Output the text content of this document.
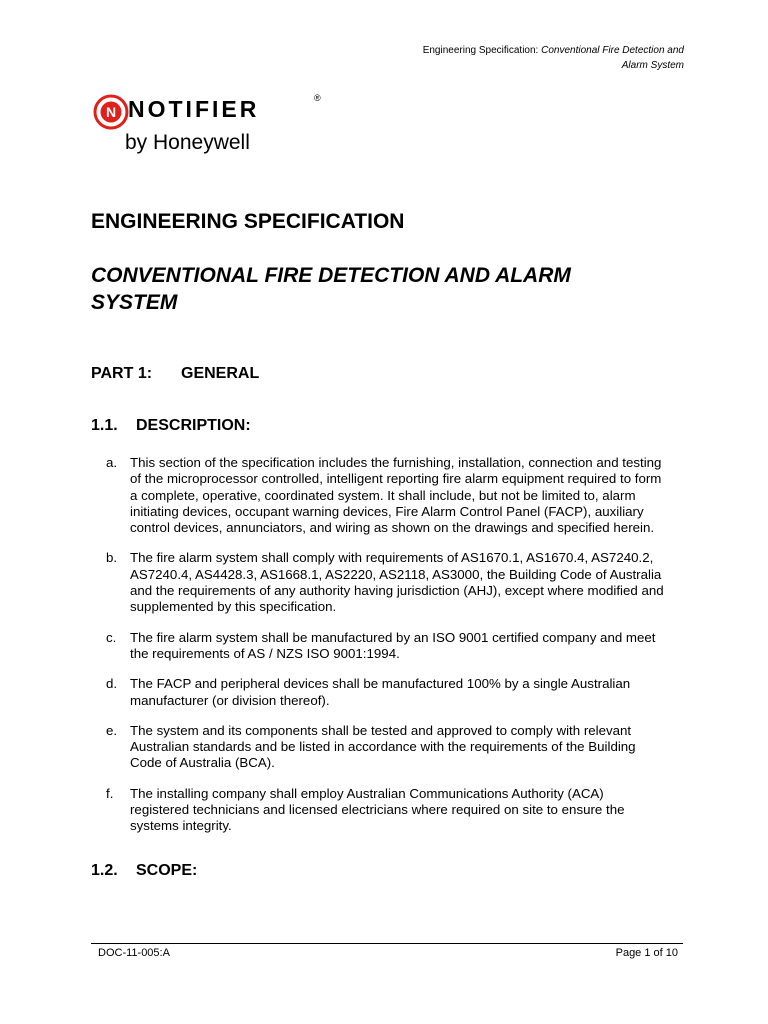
Engineering Specification: Conventional Fire Detection and
Alarm System
N NOTIFIER	®
by Honeywell
ENGINEERING SPECIFICATION
CONVENTIONAL FIRE DETECTION AND ALARM SYSTEM
PART 1: GENERAL
1.1. DESCRIPTION:
a. This section of the specification includes the furnishing, installation, connection and testing of the microprocessor controlled, intelligent reporting fire alarm equipment required to form a complete, operative, coordinated system. It shall include, but not be limited to, alarm initiating devices, occupant warning devices, Fire Alarm Control Panel (FACP), auxiliary control devices, annunciators, and wiring as shown on the drawings and specified herein.
b. The fire alarm system shall comply with requirements of AS1670.1, AS1670.4, AS7240.2, AS7240.4, AS4428.3, AS1668.1, AS2220, AS2118, AS3000, the Building Code of Australia and the requirements of any authority having jurisdiction (AHJ), except where modified and supplemented by this specification.
c.	The fire alarm system shall be manufactured by an ISO 9001 certified company and meet the requirements of AS / NZS ISO 9001:1994.
d. The FACP and peripheral devices shall be manufactured 100% by a single Australian manufacturer (or division thereof).
e. The system and its components shall be tested and approved to comply with relevant Australian standards and be listed in accordance with the requirements of the Building Code of Australia (BCA).
f.	The installing company shall employ Australian Communications Authority (ACA) registered technicians and licensed electricians where required on site to ensure the systems integrity.
1.2. SCOPE:
DOC-11-005:A	Page 1 of 10
